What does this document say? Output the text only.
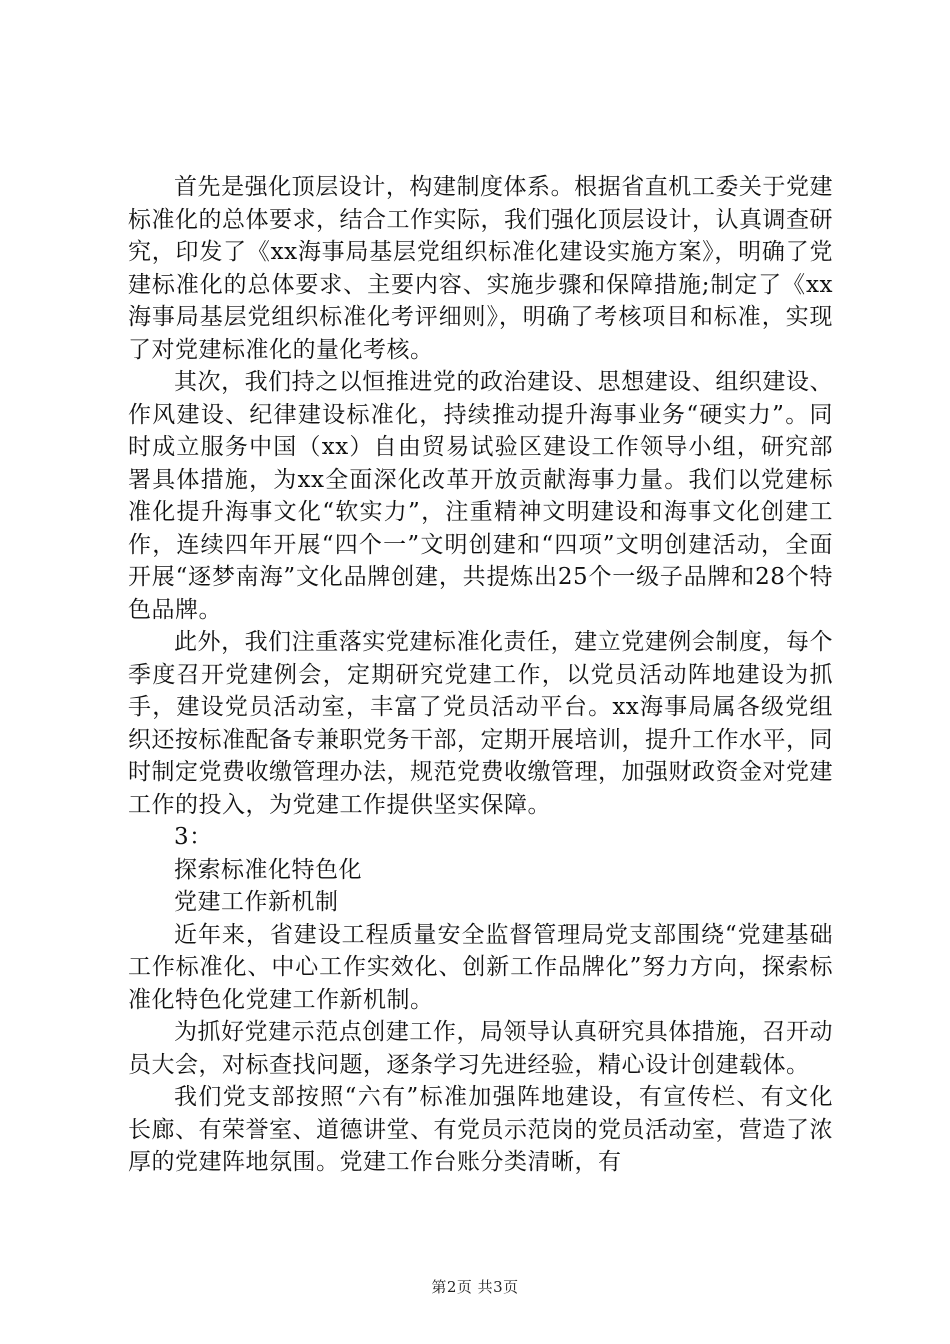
首先是强化顶层设计，构建制度体系。根据省直机工委关于党建标准化的总体要求，结合工作实际，我们强化顶层设计，认真调查研究，印发了《xx海事局基层党组织标准化建设实施方案》，明确了党建标准化的总体要求、主要内容、实施步骤和保障措施;制定了《xx海事局基层党组织标准化考评细则》，明确了考核项目和标准，实现了对党建标准化的量化考核。

其次，我们持之以恒推进党的政治建设、思想建设、组织建设、作风建设、纪律建设标准化，持续推动提升海事业务“硬实力”。同时成立服务中国（xx）自由贸易试验区建设工作领导小组，研究部署具体措施，为xx全面深化改革开放贡献海事力量。我们以党建标准化提升海事文化“软实力”，注重精神文明建设和海事文化创建工作，连续四年开展“四个一”文明创建和“四项”文明创建活动，全面开展“逐梦南海”文化品牌创建，共提炼出25个一级子品牌和28个特色品牌。

此外，我们注重落实党建标准化责任，建立党建例会制度，每个季度召开党建例会，定期研究党建工作，以党员活动阵地建设为抓手，建设党员活动室，丰富了党员活动平台。xx海事局属各级党组织还按标准配备专兼职党务干部，定期开展培训，提升工作水平，同时制定党费收缴管理办法，规范党费收缴管理，加强财政资金对党建工作的投入，为党建工作提供坚实保障。

3：

探索标准化特色化

党建工作新机制

近年来，省建设工程质量安全监督管理局党支部围绕“党建基础工作标准化、中心工作实效化、创新工作品牌化”努力方向，探索标准化特色化党建工作新机制。

为抓好党建示范点创建工作，局领导认真研究具体措施，召开动员大会，对标查找问题，逐条学习先进经验，精心设计创建载体。

我们党支部按照“六有”标准加强阵地建设，有宣传栏、有文化长廊、有荣誉室、道德讲堂、有党员示范岗的党员活动室，营造了浓厚的党建阵地氛围。党建工作台账分类清晰，有

第2页 共3页
